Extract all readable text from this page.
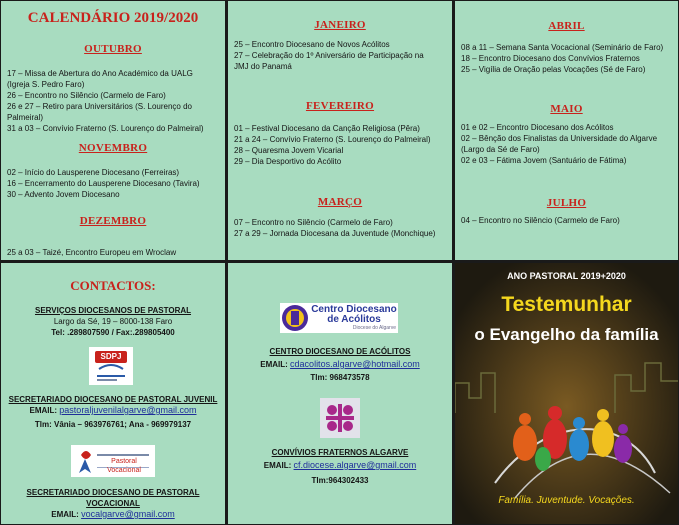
CALENDÁRIO 2019/2020
OUTUBRO
17 – Missa de Abertura do Ano Académico da UALG
(Igreja S. Pedro Faro)
26 – Encontro no Silêncio (Carmelo de Faro)
26 e 27 – Retiro para Universitários (S. Lourenço do
Palmeiral)
31 a 03 – Convívio Fraterno (S. Lourenço do Palmeiral)
NOVEMBRO
02 – Início do Lausperene Diocesano (Ferreiras)
16 – Encerramento do Lausperene Diocesano (Tavira)
30 – Advento Jovem Diocesano
DEZEMBRO
25 a 03 – Taizé, Encontro Europeu em Wroclaw
JANEIRO
25 – Encontro Diocesano de Novos Acólitos
27 – Celebração do 1º Aniversário de Participação na
JMJ do Panamá
FEVEREIRO
01 – Festival Diocesano da Canção Religiosa (Pêra)
21 a 24 – Convívio Fraterno (S. Lourenço do Palmeiral)
28 – Quaresma Jovem Vicarial
29 – Dia Desportivo do Acólito
MARÇO
07 – Encontro no Silêncio (Carmelo de Faro)
27 a 29 – Jornada Diocesana da Juventude (Monchique)
ABRIL
08 a 11 – Semana Santa Vocacional (Seminário de Faro)
18 – Encontro Diocesano dos Convívios Fraternos
25 – Vigília de Oração pelas Vocações (Sé de Faro)
MAIO
01 e 02 – Encontro Diocesano dos Acólitos
02 – Bênção dos Finalistas da Universidade do Algarve
(Largo da Sé de Faro)
02 e 03 – Fátima Jovem (Santuário de Fátima)
JULHO
04 – Encontro no Silêncio (Carmelo de Faro)
CONTACTOS:
SERVIÇOS DIOCESANOS DE PASTORAL
Largo da Sé, 19 – 8000-138 Faro
Tel: .289807590 / Fax:.289805400
SDPJ
SECRETARIADO DIOCESANO DE PASTORAL JUVENIL
EMAIL: pastoraljuvenilalgarve@gmail.com
Tlm: Vânia – 963976761; Ana - 969979137
Pastoral Vocacional
SECRETARIADO DIOCESANO DE PASTORAL
VOCACIONAL
EMAIL: vocalgarve@gmail.com
Centro Diocesano
de Acólitos
Diocese do Algarve
CENTRO DIOCESANO DE ACÓLITOS
EMAIL: cdacolitos.algarve@hotmail.com
Tlm: 968473578
CONVÍVIOS FRATERNOS ALGARVE
EMAIL: cf.diocese.algarve@gmail.com
Tlm:964302433
ANO PASTORAL 2019+2020
Testemunhar
o Evangelho da família
Família. Juventude. Vocações.
